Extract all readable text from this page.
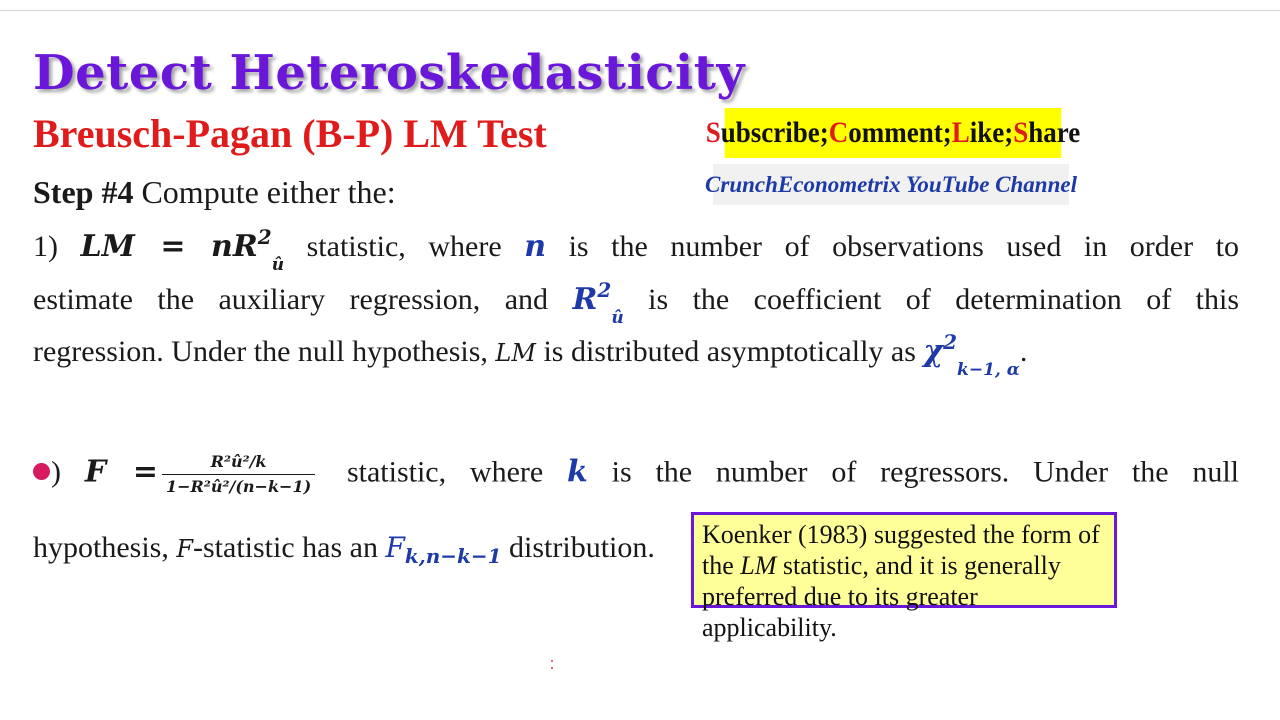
Detect Heteroskedasticity
Breusch-Pagan (B-P) LM Test	S ubscribe; C omment; L ike; S hare
CrunchEconometrix YouTube Channel
Step #4 Compute either the:
1) LM = $nR^2_û$ statistic, where n is the number of observations used in order to
estimate the auxiliary regression, and $R^2_û$ is the coefficient of determination of this
regression. Under the null hypothesis, LM is distributed asymptotically as $\chi^2_{k-1, \alpha}$.
) $F = \frac{\text{R²û²/k}}{\text{1−R²û²/(n−k−1)}}$ statistic, where k is the number of regressors. Under the null
hypothesis, F-statistic has an $F_{k,n-k-1}$ distribution.	Koenker (1983) suggested the form of
the LM statistic, and it is generally
preferred due to its greater applicability.
